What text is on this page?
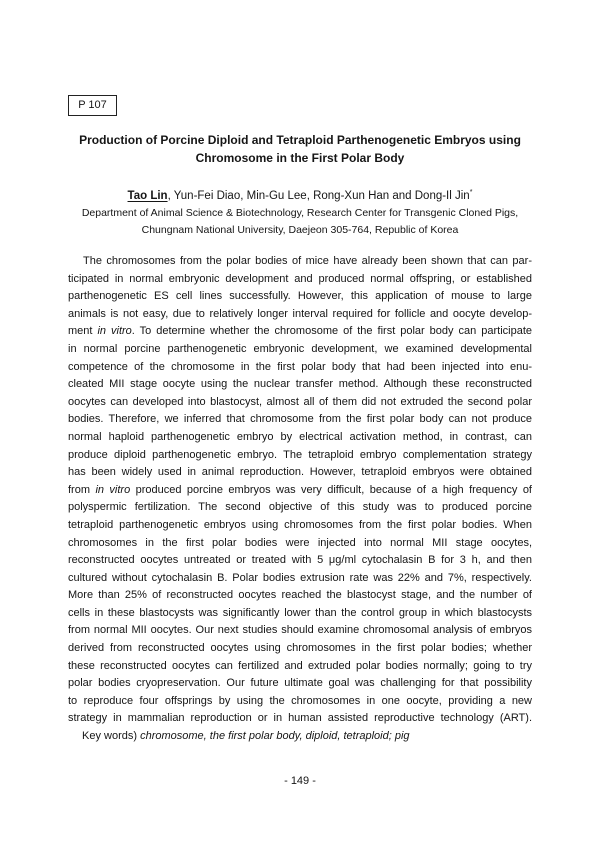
P 107
Production of Porcine Diploid and Tetraploid Parthenogenetic Embryos using
Chromosome in the First Polar Body
Tao Lin, Yun-Fei Diao, Min-Gu Lee, Rong-Xun Han and Dong-Il Jin*
Department of Animal Science & Biotechnology, Research Center for Transgenic Cloned Pigs,
Chungnam National University, Daejeon 305-764, Republic of Korea
The chromosomes from the polar bodies of mice have already been shown that can par-
ticipated in normal embryonic development and produced normal offspring, or established
parthenogenetic ES cell lines successfully. However, this application of mouse to large
animals is not easy, due to relatively longer interval required for follicle and oocyte develop-
ment in vitro. To determine whether the chromosome of the first polar body can participate
in normal porcine parthenogenetic embryonic development, we examined developmental
competence of the chromosome in the first polar body that had been injected into enu-
cleated MII stage oocyte using the nuclear transfer method. Although these reconstructed
oocytes can developed into blastocyst, almost all of them did not extruded the second polar
bodies. Therefore, we inferred that chromosome from the first polar body can not produce
normal haploid parthenogenetic embryo by electrical activation method, in contrast, can
produce diploid parthenogenetic embryo. The tetraploid embryo complementation strategy
has been widely used in animal reproduction. However, tetraploid embryos were obtained
from in vitro produced porcine embryos was very difficult, because of a high frequency of
polyspermic fertilization. The second objective of this study was to produced porcine
tetraploid parthenogenetic embryos using chromosomes from the first polar bodies. When
chromosomes in the first polar bodies were injected into normal MII stage oocytes,
reconstructed oocytes untreated or treated with 5 μg/ml cytochalasin B for 3 h, and then
cultured without cytochalasin B. Polar bodies extrusion rate was 22% and 7%, respectively.
More than 25% of reconstructed oocytes reached the blastocyst stage, and the number of
cells in these blastocysts was significantly lower than the control group in which blastocysts
from normal MII oocytes. Our next studies should examine chromosomal analysis of embryos
derived from reconstructed oocytes using chromosomes in the first polar bodies; whether
these reconstructed oocytes can fertilized and extruded polar bodies normally; going to try
polar bodies cryopreservation. Our future ultimate goal was challenging for that possibility
to reproduce four offsprings by using the chromosomes in one oocyte, providing a new
strategy in mammalian reproduction or in human assisted reproductive technology (ART).
Key words) chromosome, the first polar body, diploid, tetraploid; pig
- 149 -
